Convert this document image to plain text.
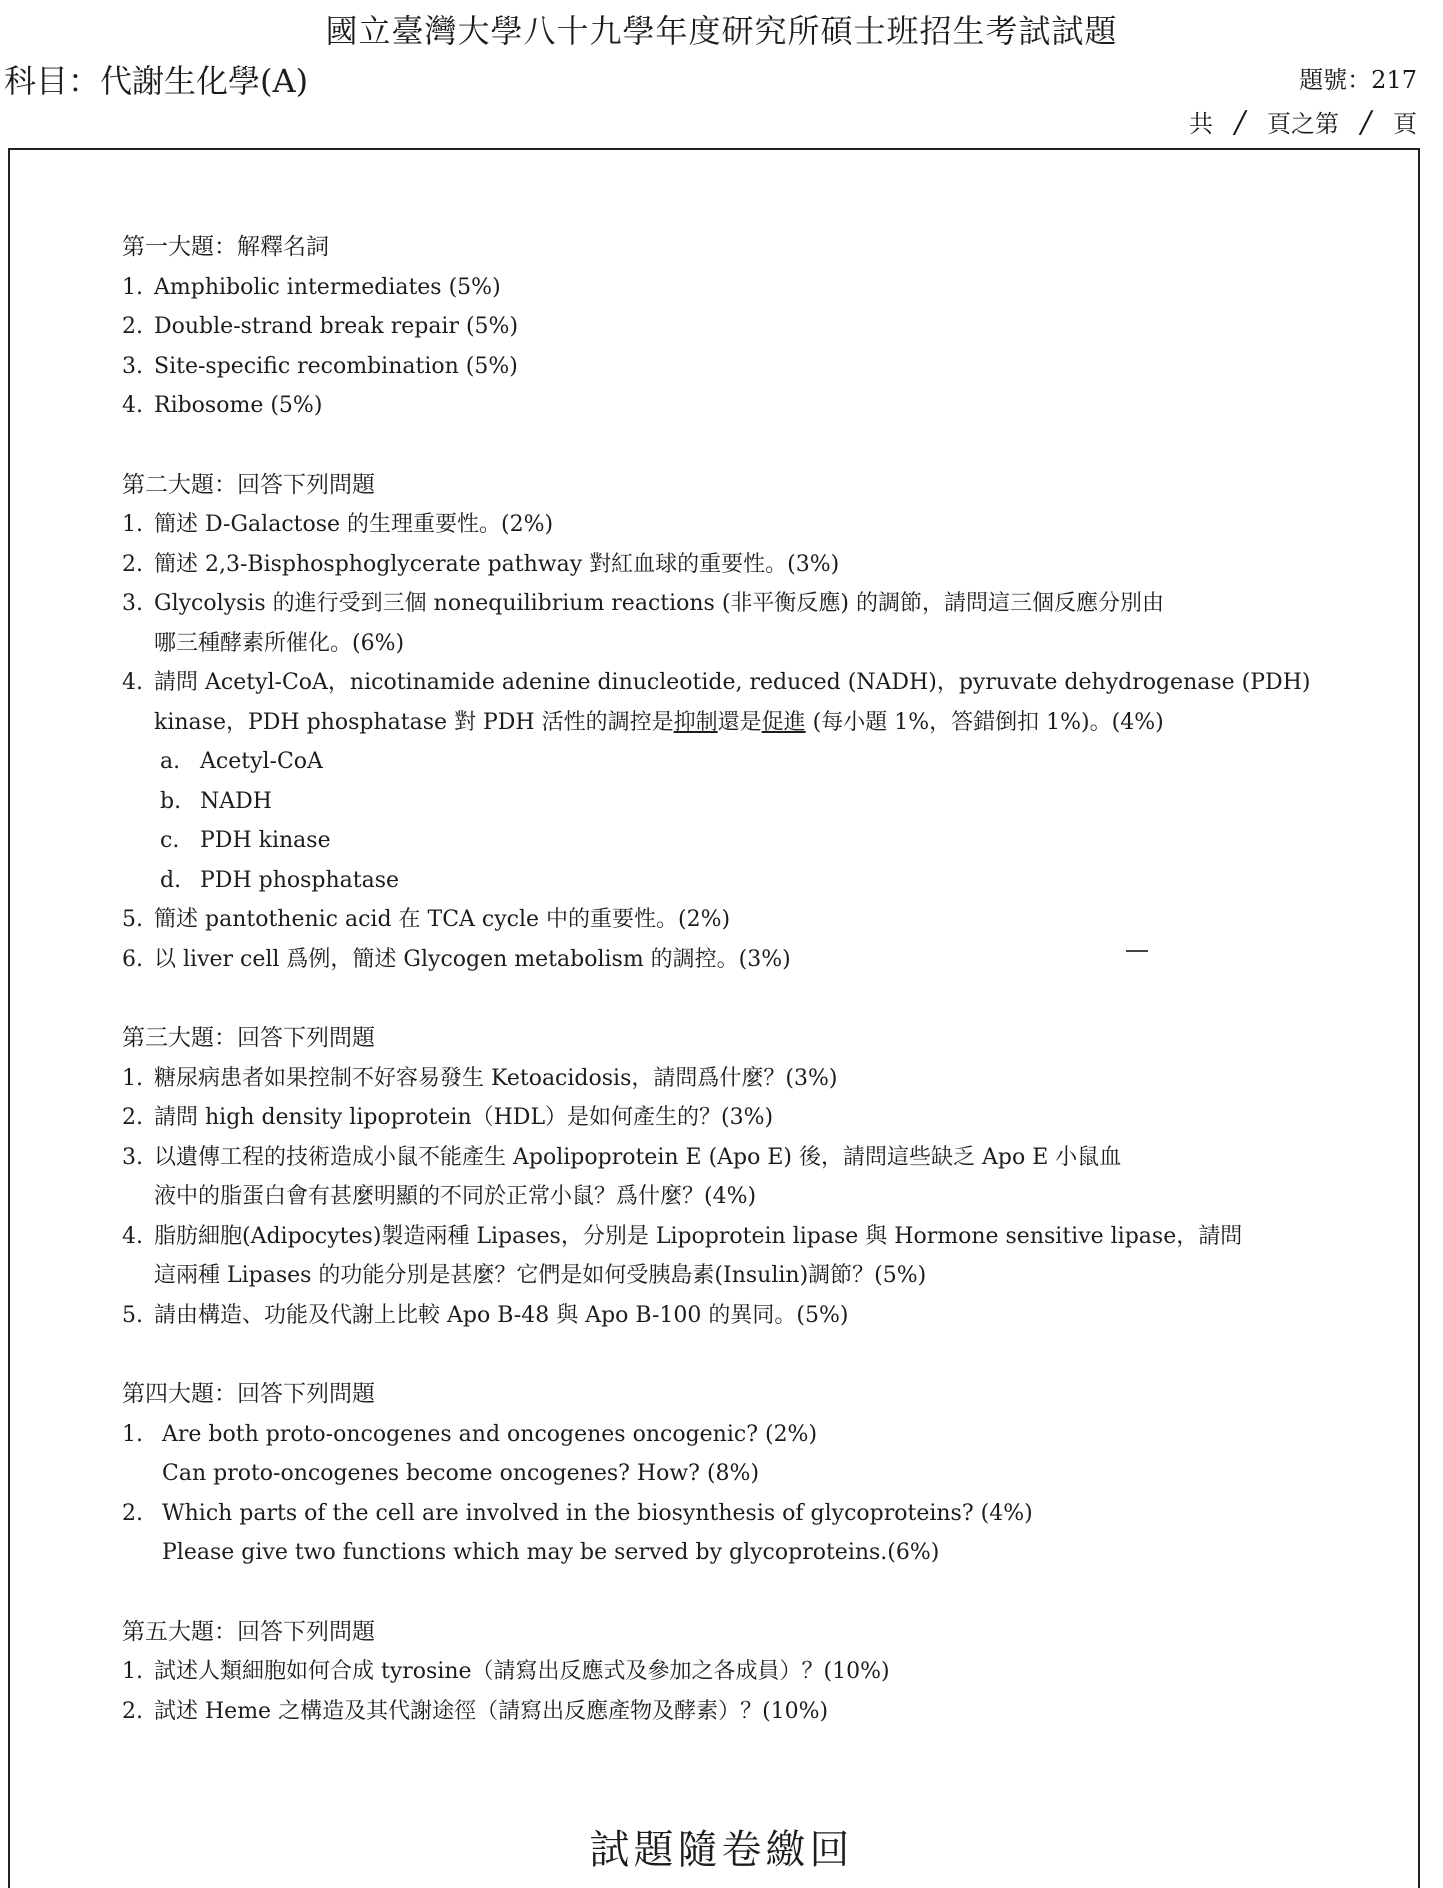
國立臺灣大學八十九學年度研究所碩士班招生考試試題
科目：代謝生化學(A)	題號：217
共 / 頁之第 / 頁
第一大題：解釋名詞
1. Amphibolic intermediates (5%)
2. Double-strand break repair (5%)
3. Site-specific recombination (5%)
4. Ribosome (5%)
第二大題：回答下列問題
1. 簡述 D-Galactose 的生理重要性。(2%)
2. 簡述 2,3-Bisphosphoglycerate pathway 對紅血球的重要性。(3%)
3. Glycolysis 的進行受到三個 nonequilibrium reactions (非平衡反應) 的調節，請問這三個反應分別由
哪三種酵素所催化。(6%)
4. 請問 Acetyl-CoA，nicotinamide adenine dinucleotide, reduced (NADH)，pyruvate dehydrogenase (PDH)
kinase，PDH phosphatase 對 PDH 活性的調控是抑制還是促進 (每小題 1%，答錯倒扣 1%)。(4%)
a. Acetyl-CoA
b. NADH
c. PDH kinase
d. PDH phosphatase
5. 簡述 pantothenic acid 在 TCA cycle 中的重要性。(2%)
6. 以 liver cell 爲例，簡述 Glycogen metabolism 的調控。(3%)
第三大題：回答下列問題
1. 糖尿病患者如果控制不好容易發生 Ketoacidosis，請問爲什麼？(3%)
2. 請問 high density lipoprotein（HDL）是如何產生的？(3%)
3. 以遺傳工程的技術造成小鼠不能產生 Apolipoprotein E (Apo E) 後，請問這些缺乏 Apo E 小鼠血
液中的脂蛋白會有甚麼明顯的不同於正常小鼠？爲什麼？(4%)
4. 脂肪細胞(Adipocytes)製造兩種 Lipases，分別是 Lipoprotein lipase 與 Hormone sensitive lipase，請問
這兩種 Lipases 的功能分別是甚麼？它們是如何受胰島素(Insulin)調節？(5%)
5. 請由構造、功能及代謝上比較 Apo B-48 與 Apo B-100 的異同。(5%)
第四大題：回答下列問題
1. Are both proto-oncogenes and oncogenes oncogenic? (2%)
Can proto-oncogenes become oncogenes? How? (8%)
2. Which parts of the cell are involved in the biosynthesis of glycoproteins? (4%)
Please give two functions which may be served by glycoproteins.(6%)
第五大題：回答下列問題
1. 試述人類細胞如何合成 tyrosine（請寫出反應式及參加之各成員）？(10%)
2. 試述 Heme 之構造及其代謝途徑（請寫出反應產物及酵素）？(10%)
試題隨卷繳回
